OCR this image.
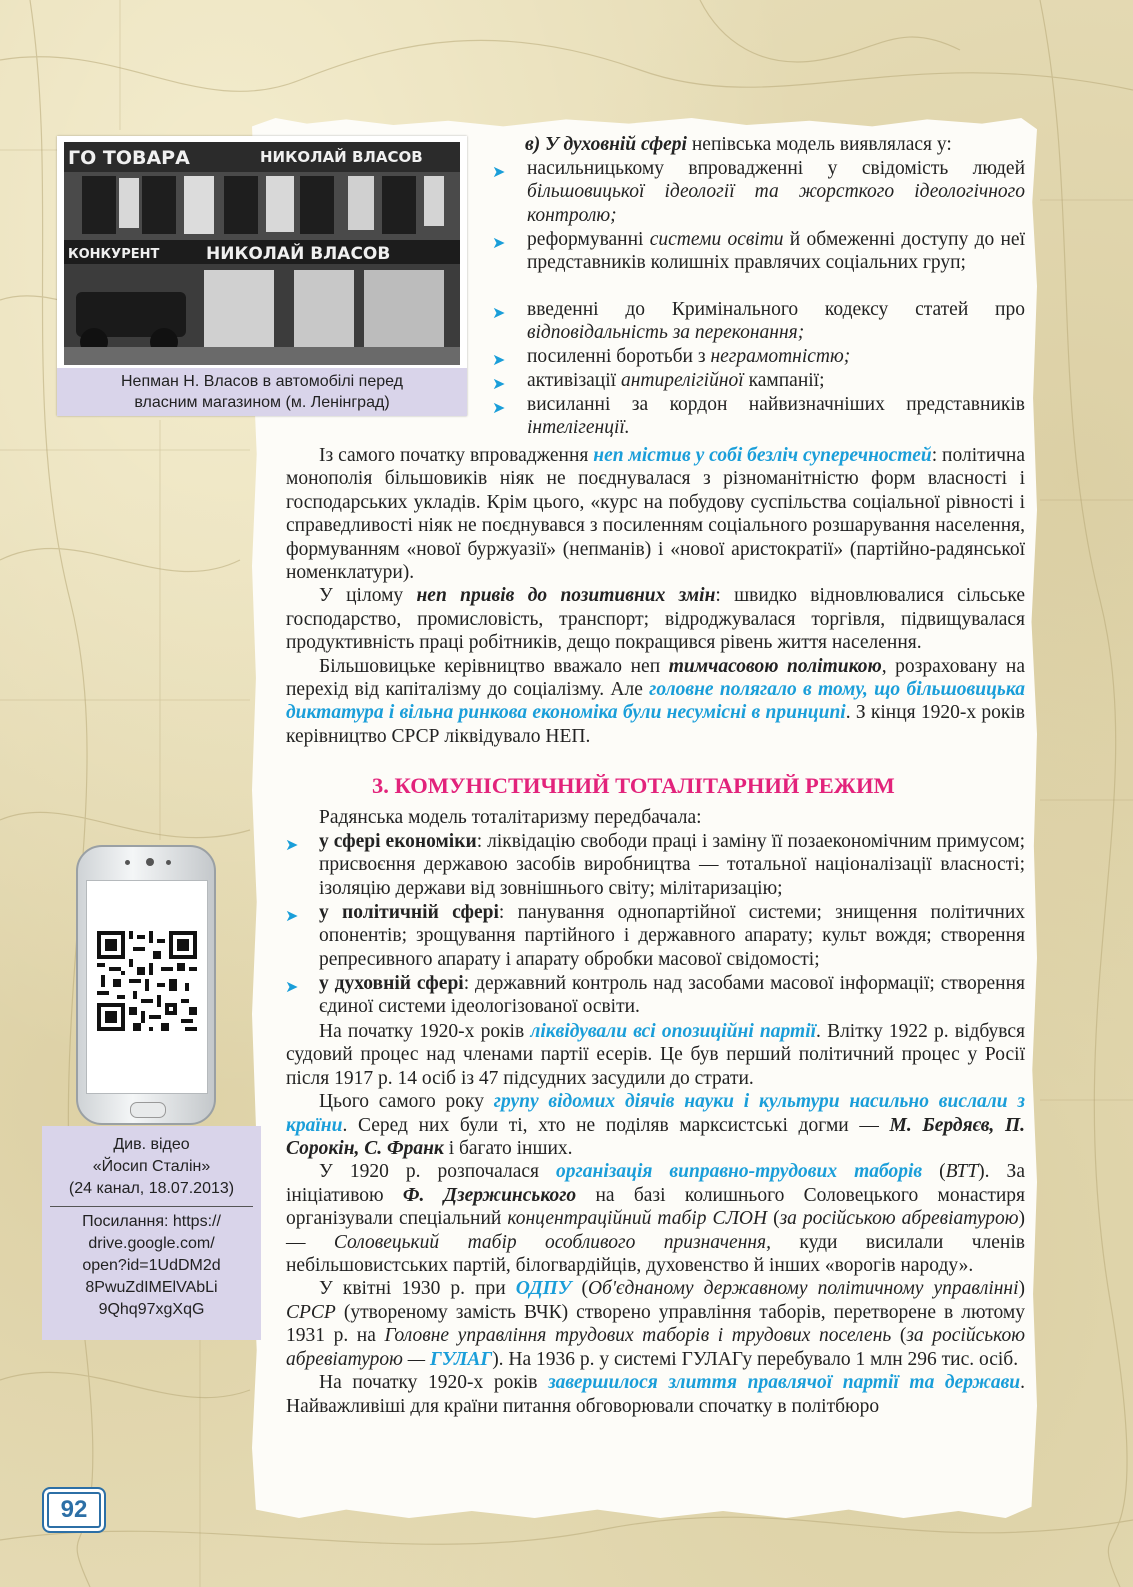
ГО ТОВАРА	НИКОЛАЙ ВЛАСОВ
КОНКУРЕНТ	НИКОЛАЙ ВЛАСОВ
Непман Н. Власов в автомобілі перед
власним магазином (м. Ленінград)
Див. відео
«Йосип Сталін»
(24 канал, 18.07.2013)
Посилання: https://
drive.google.com/
open?id=1UdDM2d
8PwuZdIMElVAbLi
9Qhq97xgXqG
92
в) У духовній сфері непівська модель виявлялася у:
➤ насильницькому впровадженні у свідомість людей більшовицької ідеології та жорсткого ідеологічного контролю;
➤ реформуванні системи освіти й обмеженні доступу до неї представників колишніх правлячих соціальних груп;
➤ введенні до Кримінального кодексу статей про відповідальність за переконання;
➤ посиленні боротьби з неграмотністю;
➤ активізації антирелігійної кампанії;
➤ висиланні за кордон найвизначніших представників інтелігенції.

Із самого початку впровадження неп містив у собі безліч суперечностей: політична монополія більшовиків ніяк не поєднувалася з різноманітністю форм власності і господарських укладів. Крім цього, «курс на побудову суспільства соціальної рівності і справедливості ніяк не поєднувався з посиленням соціального розшарування населення, формуванням «нової буржуазії» (непманів) і «нової аристократії» (партійно-радянської номенклатури).

У цілому неп привів до позитивних змін: швидко відновлювалися сільське господарство, промисловість, транспорт; відроджувалася торгівля, підвищувалася продуктивність праці робітників, дещо покращився рівень життя населення.

Більшовицьке керівництво вважало неп тимчасовою політикою, розраховану на перехід від капіталізму до соціалізму. Але головне полягало в тому, що більшовицька диктатура і вільна ринкова економіка були несумісні в принципі. З кінця 1920-х років керівництво СРСР ліквідувало НЕП.

3. КОМУНІСТИЧНИЙ ТОТАЛІТАРНИЙ РЕЖИМ
Радянська модель тоталітаризму передбачала:
➤ у сфері економіки: ліквідацію свободи праці і заміну її позаекономічним примусом; присвоєння державою засобів виробництва — тотальної націоналізації власності; ізоляцію держави від зовнішнього світу; мілітаризацію;
➤ у політичній сфері: панування однопартійної системи; знищення політичних опонентів; зрощування партійного і державного апарату; культ вождя; створення репресивного апарату і апарату обробки масової свідомості;
➤ у духовній сфері: державний контроль над засобами масової інформації; створення єдиної системи ідеологізованої освіти.

На початку 1920-х років ліквідували всі опозиційні партії. Влітку 1922 р. відбувся судовий процес над членами партії есерів. Це був перший політичний процес у Росії після 1917 р. 14 осіб із 47 підсудних засудили до страти.

Цього самого року групу відомих діячів науки і культури насильно вислали з країни. Серед них були ті, хто не поділяв марксистські догми — М. Бердяєв, П. Сорокін, С. Франк і багато інших.

У 1920 р. розпочалася організація виправно-трудових таборів (ВТТ). За ініціативою Ф. Дзержинського на базі колишнього Соловецького монастиря організували спеціальний концентраційний табір СЛОН (за російською абревіатурою) — Соловецький табір особливого призначення, куди висилали членів небільшовистських партій, білогвардійців, духовенство й інших «ворогів народу».

У квітні 1930 р. при ОДПУ (Об'єднаному державному політичному управлінні) СРСР (утвореному замість ВЧК) створено управління таборів, перетворене в лютому 1931 р. на Головне управління трудових таборів і трудових поселень (за російською абревіатурою — ГУЛАГ). На 1936 р. у системі ГУЛАГу перебувало 1 млн 296 тис. осіб.

На початку 1920-х років завершилося злиття правлячої партії та держави. Найважливіші для країни питання обговорювали спочатку в політбюро
